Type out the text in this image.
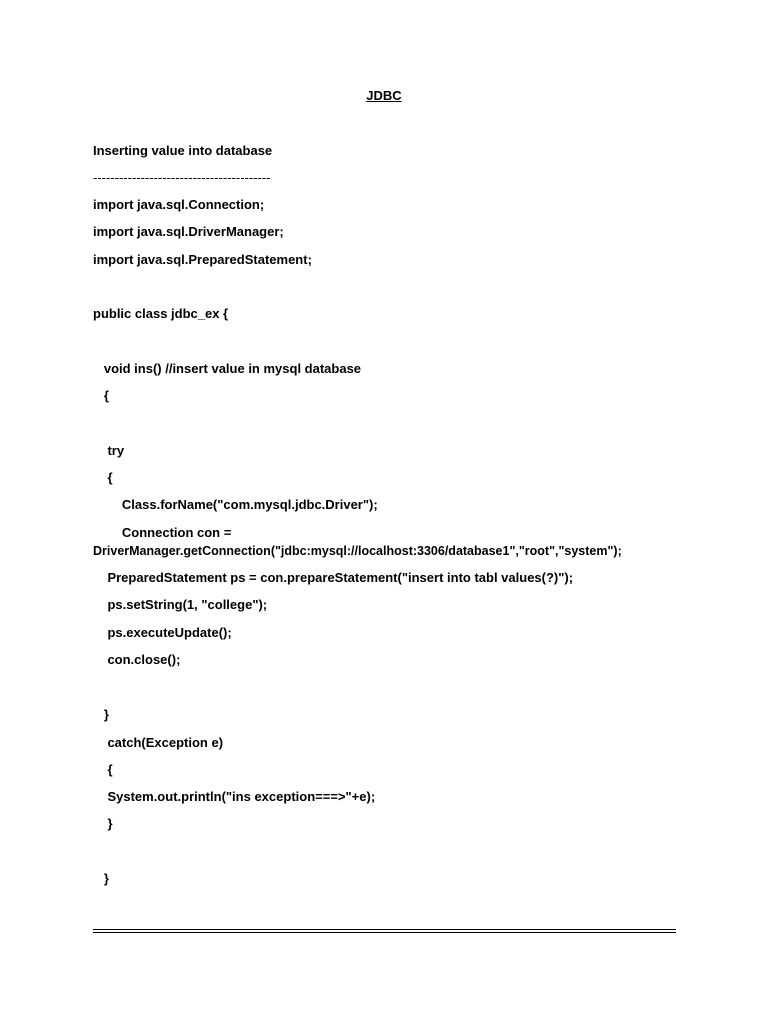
JDBC
Inserting value into database
-----------------------------------------
import java.sql.Connection;
import java.sql.DriverManager;
import java.sql.PreparedStatement;
public class jdbc_ex {
void ins() //insert value in mysql database
{
try
{
Class.forName("com.mysql.jdbc.Driver");
Connection con =
DriverManager.getConnection("jdbc:mysql://localhost:3306/database1","root","system");
PreparedStatement ps = con.prepareStatement("insert into tabl values(?)");
ps.setString(1, "college");
ps.executeUpdate();
con.close();
}
catch(Exception e)
{
System.out.println("ins exception===>"+e);
}
}
